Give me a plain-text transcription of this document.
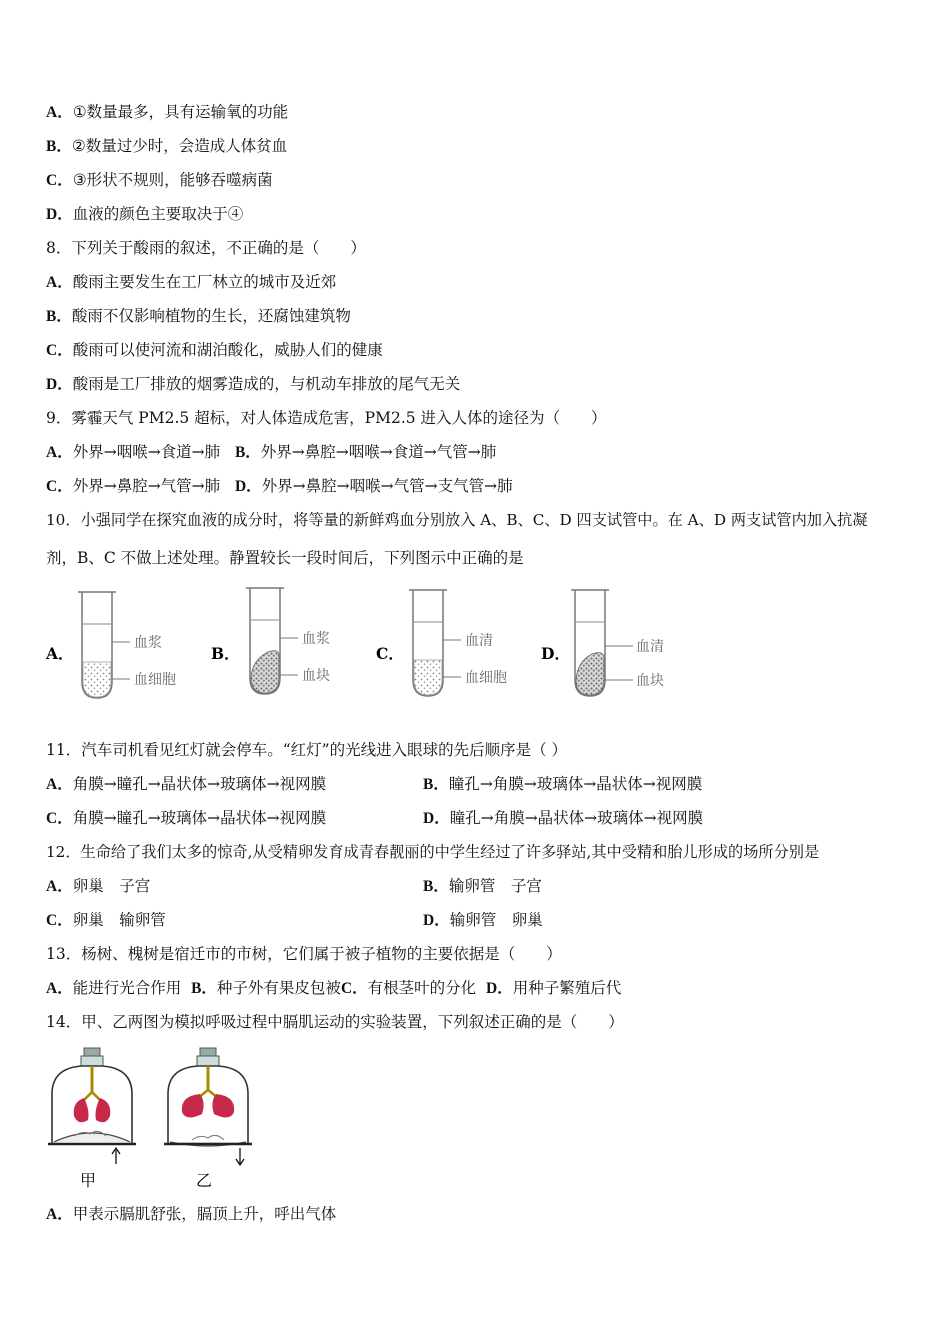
A．①数量最多，具有运输氧的功能
B．②数量过少时，会造成人体贫血
C．③形状不规则，能够吞噬病菌
D．血液的颜色主要取决于④
8．下列关于酸雨的叙述，不正确的是（　　）
A．酸雨主要发生在工厂林立的城市及近郊
B．酸雨不仅影响植物的生长，还腐蚀建筑物
C．酸雨可以使河流和湖泊酸化，威胁人们的健康
D．酸雨是工厂排放的烟雾造成的，与机动车排放的尾气无关
9．雾霾天气 PM2.5 超标，对人体造成危害，PM2.5 进入人体的途径为（　　）
A．外界→咽喉→食道→肺 B．外界→鼻腔→咽喉→食道→气管→肺
C．外界→鼻腔→气管→肺 D．外界→鼻腔→咽喉→气管→支气管→肺
10．小强同学在探究血液的成分时，将等量的新鲜鸡血分别放入 A、B、C、D 四支试管中。在 A、D 两支试管内加入抗凝
剂，B、C 不做上述处理。静置较长一段时间后，下列图示中正确的是
A．
血浆
血细胞
B．
血浆
血块
C．
血清
血细胞
D．	血清
血块
11．汽车司机看见红灯就会停车。“红灯”的光线进入眼球的先后顺序是（ ）
A．角膜→瞳孔→晶状体→玻璃体→视网膜	B．瞳孔→角膜→玻璃体→晶状体→视网膜
C．角膜→瞳孔→玻璃体→晶状体→视网膜	D．瞳孔→角膜→晶状体→玻璃体→视网膜
12．生命给了我们太多的惊奇,从受精卵发育成青春靓丽的中学生经过了许多驿站,其中受精和胎儿形成的场所分别是
A．卵巢　子宫	B．输卵管　子宫
C．卵巢　输卵管	D．输卵管　卵巢
13．杨树、槐树是宿迁市的市树，它们属于被子植物的主要依据是（　　）
A．能进行光合作用 B．种子外有果皮包被C．有根茎叶的分化 D．用种子繁殖后代
14．甲、乙两图为模拟呼吸过程中膈肌运动的实验装置，下列叙述正确的是（　　）
甲	乙
A．甲表示膈肌舒张，膈顶上升，呼出气体
